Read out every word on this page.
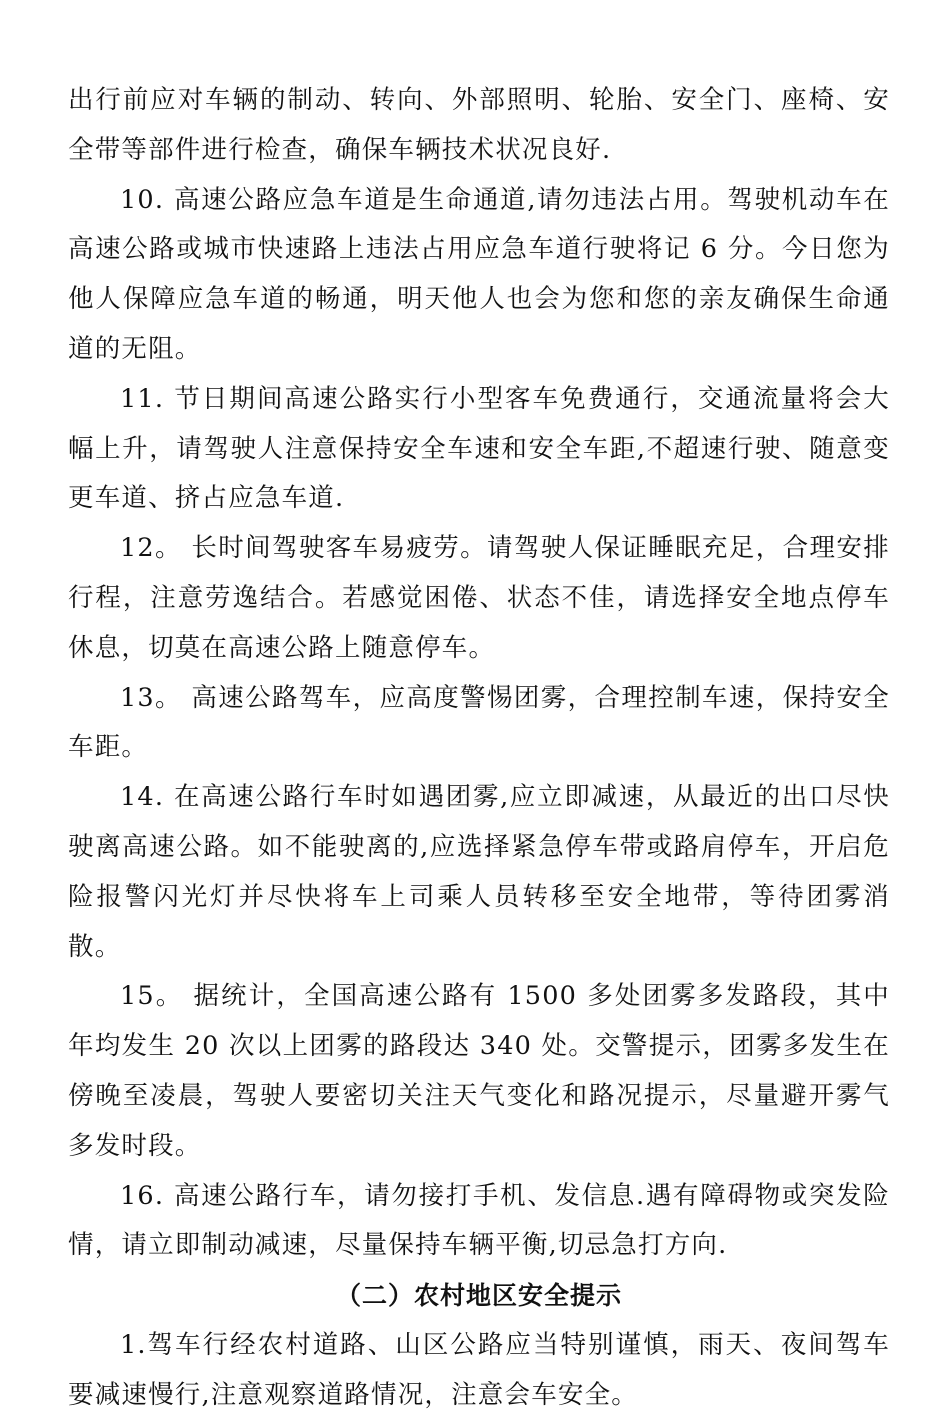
出行前应对车辆的制动、转向、外部照明、轮胎、安全门、座椅、安全带等部件进行检查，确保车辆技术状况良好.

10. 高速公路应急车道是生命通道,请勿违法占用。驾驶机动车在高速公路或城市快速路上违法占用应急车道行驶将记 6 分。今日您为他人保障应急车道的畅通，明天他人也会为您和您的亲友确保生命通道的无阻。

11. 节日期间高速公路实行小型客车免费通行，交通流量将会大幅上升，请驾驶人注意保持安全车速和安全车距,不超速行驶、随意变更车道、挤占应急车道.

12。 长时间驾驶客车易疲劳。请驾驶人保证睡眠充足，合理安排行程，注意劳逸结合。若感觉困倦、状态不佳，请选择安全地点停车休息，切莫在高速公路上随意停车。

13。 高速公路驾车，应高度警惕团雾，合理控制车速，保持安全车距。

14. 在高速公路行车时如遇团雾,应立即减速，从最近的出口尽快驶离高速公路。如不能驶离的,应选择紧急停车带或路肩停车，开启危险报警闪光灯并尽快将车上司乘人员转移至安全地带，等待团雾消散。

15。 据统计，全国高速公路有 1500 多处团雾多发路段，其中年均发生 20 次以上团雾的路段达 340 处。交警提示，团雾多发生在傍晚至凌晨，驾驶人要密切关注天气变化和路况提示，尽量避开雾气多发时段。

16. 高速公路行车，请勿接打手机、发信息.遇有障碍物或突发险情，请立即制动减速，尽量保持车辆平衡,切忌急打方向.

（二）农村地区安全提示

1.驾车行经农村道路、山区公路应当特别谨慎，雨天、夜间驾车要减速慢行,注意观察道路情况，注意会车安全。
